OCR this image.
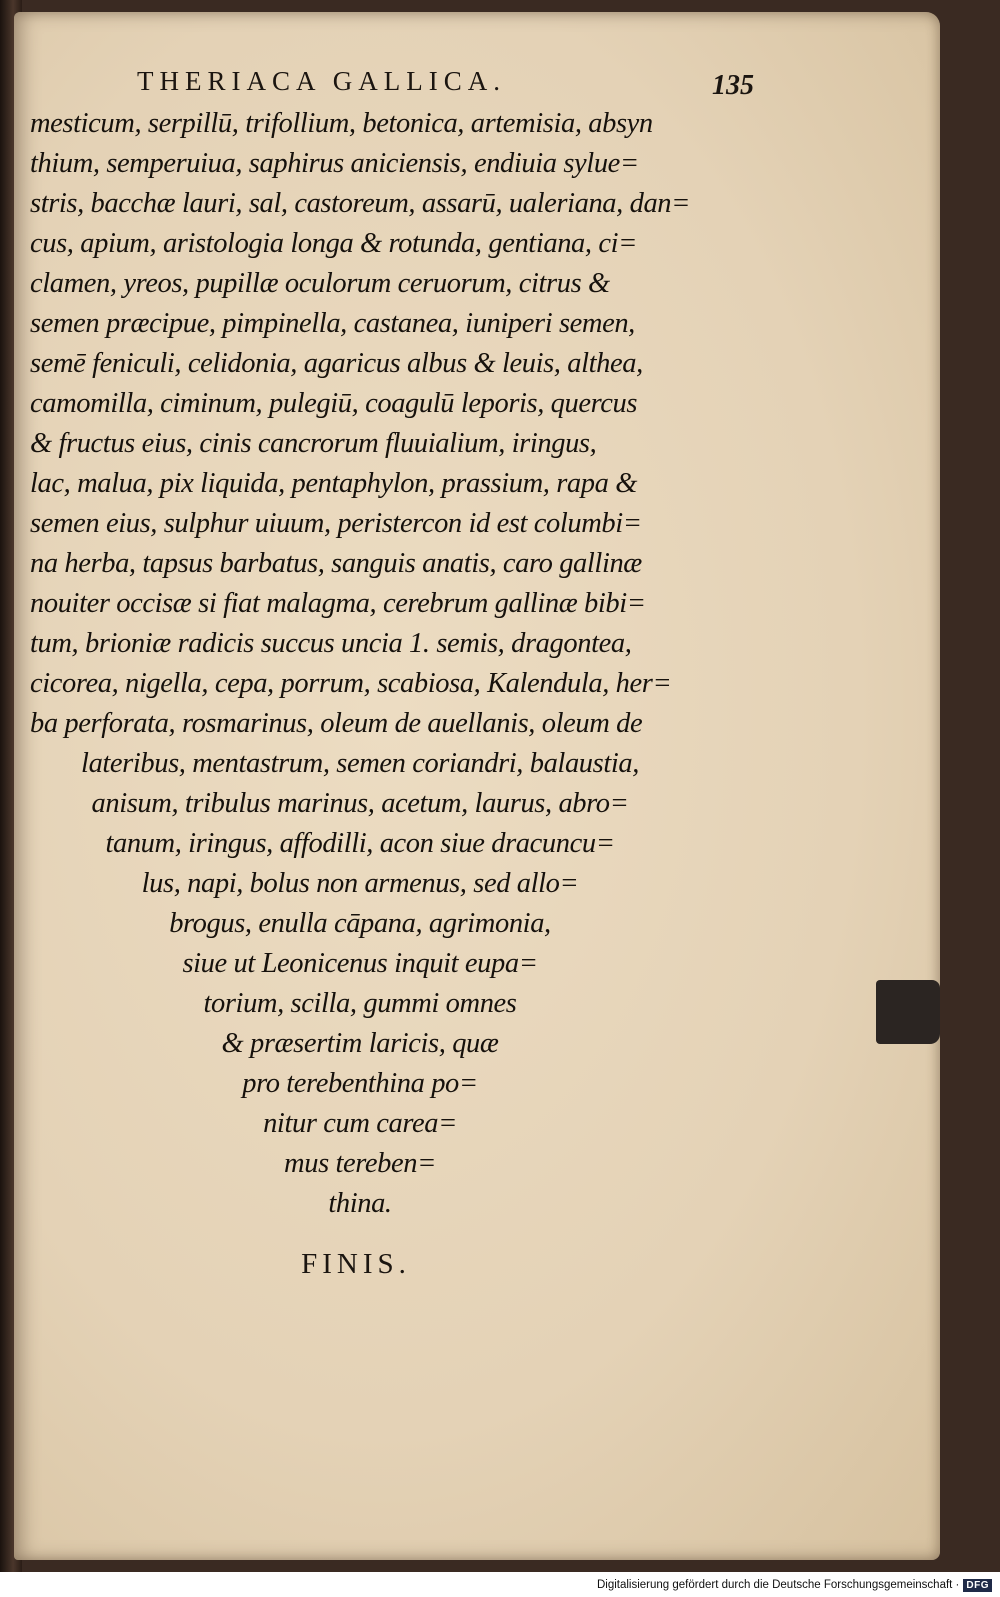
THERIACA GALLICA.	135
mesticum, serpillū, trifollium, betonica, artemisia, absyn
thium, semperuiua, saphirus aniciensis, endiuia sylue=
stris, bacchæ lauri, sal, castoreum, assarū, ualeriana, dan=
cus, apium, aristologia longa & rotunda, gentiana, ci=
clamen, yreos, pupillæ oculorum ceruorum, citrus &
semen præcipue, pimpinella, castanea, iuniperi semen,
semē feniculi, celidonia, agaricus albus & leuis, althea,
camomilla, ciminum, pulegiū, coagulū leporis, quercus
& fructus eius, cinis cancrorum fluuialium, iringus,
lac, malua, pix liquida, pentaphylon, prassium, rapa &
semen eius, sulphur uiuum, peristercon id est columbi=
na herba, tapsus barbatus, sanguis anatis, caro gallinæ
nouiter occisæ si fiat malagma, cerebrum gallinæ bibi=
tum, brioniæ radicis succus uncia 1. semis, dragontea,
cicorea, nigella, cepa, porrum, scabiosa, Kalendula, her=
ba perforata, rosmarinus, oleum de auellanis, oleum de
lateribus, mentastrum, semen coriandri, balaustia,
anisum, tribulus marinus, acetum, laurus, abro=
tanum, iringus, affodilli, acon siue dracuncu=
lus, napi, bolus non armenus, sed allo=
brogus, enulla cāpana, agrimonia,
siue ut Leonicenus inquit eupa=
torium, scilla, gummi omnes
& præsertim laricis, quæ
pro terebenthina po=
nitur cum carea=
mus tereben=
thina.
FINIS.
Digitalisierung gefördert durch die Deutsche Forschungsgemeinschaft · DFG
